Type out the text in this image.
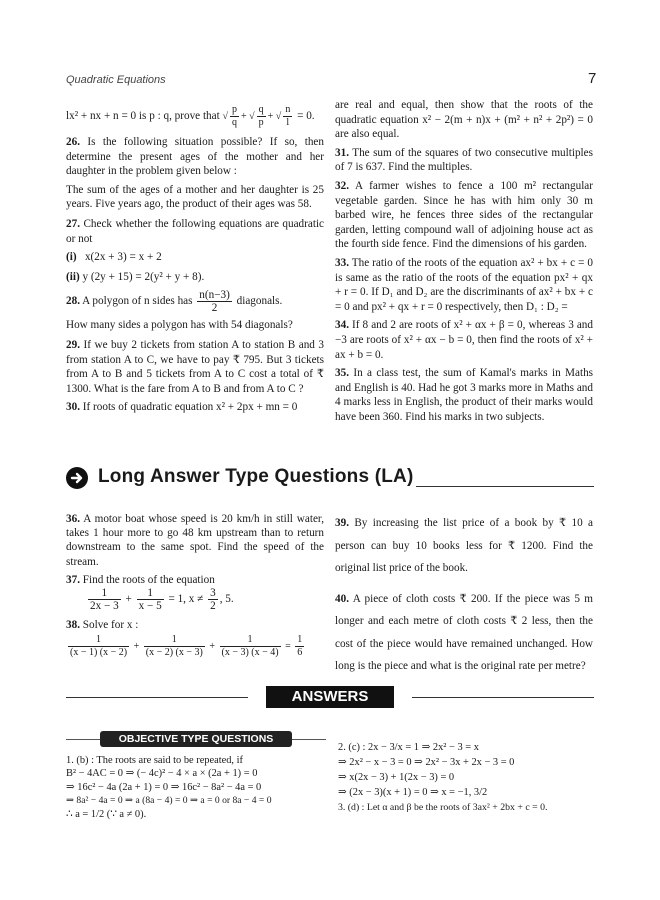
Quadratic Equations	7
lx² + nx + n = 0 is p : q, prove that √ $\frac{p}{q}$ + √ $\frac{q}{p}$ + √ $\frac{n}{l} = 0$.
26. Is the following situation possible? If so, then determine the present ages of the mother and her daughter in the problem given below :
The sum of the ages of a mother and her daughter is 25 years. Five years ago, the product of their ages was 58.
27. Check whether the following equations are quadratic or not
(i) x(2x + 3) = x + 2
(ii) y (2y + 15) = 2(y² + y + 8).
28. A polygon of n sides has $\frac{n(n-3)}{2}$ diagonals.
How many sides a polygon has with 54 diagonals?
29. If we buy 2 tickets from station A to station B and 3 from station A to C, we have to pay ₹ 795. But 3 tickets from A to B and 5 tickets from A to C cost a total of ₹ 1300. What is the fare from A to B and from A to C ?
30. If roots of quadratic equation x² + 2px + mn = 0
are real and equal, then show that the roots of the quadratic equation x² − 2(m + n)x + (m² + n² + 2p²) = 0 are also equal.
31. The sum of the squares of two consecutive multiples of 7 is 637. Find the multiples.
32. A farmer wishes to fence a 100 m² rectangular vegetable garden. Since he has with him only 30 m barbed wire, he fences three sides of the rectangular garden, letting compound wall of adjoining house act as the fourth side fence. Find the dimensions of his garden.
33. The ratio of the roots of the equation ax² + bx + c = 0 is same as the ratio of the roots of the equation px² + qx + r = 0. If D₁ and D₂ are the discriminants of ax² + bx + c = 0 and px² + qx + r = 0 respectively, then D₁ : D₂ =
34. If 8 and 2 are roots of x² + αx + β = 0, whereas 3 and −3 are roots of x² + αx − b = 0, then find the roots of x² + ax + b = 0.
35. In a class test, the sum of Kamal's marks in Maths and English is 40. Had he got 3 marks more in Maths and 4 marks less in English, the product of their marks would have been 360. Find his marks in two subjects.
Long Answer Type Questions (LA)
36. A motor boat whose speed is 20 km/h in still water, takes 1 hour more to go 48 km upstream than to return downstream to the same spot. Find the speed of the stream.
37. Find the roots of the equation
$\frac{1}{2x - 3} + \frac{1}{x - 5} = 1$, $x \ne \frac{3}{2}$ , 5.
38. Solve for x :
$\frac{1}{(x - 1) (x - 2)} + \frac{1}{(x - 2) (x - 3)} + \frac{1}{(x - 3) (x - 4)} = \frac{1}{6}$
39. By increasing the list price of a book by ₹ 10 a person can buy 10 books less for ₹ 1200. Find the original list price of the book.
40. A piece of cloth costs ₹ 200. If the piece was 5 m longer and each metre of cloth costs ₹ 2 less, then the cost of the piece would have remained unchanged. How long is the piece and what is the original rate per metre?
ANSWERS
OBJECTIVE TYPE QUESTIONS
1. (b) : The roots are said to be repeated, if
B² − 4AC = 0 ⇒ (− 4c)² − 4 × a × (2a + 1) = 0
⇒ 16c² − 4a (2a + 1) = 0 ⇒ 16c² − 8a² − 4a = 0
⇒ 8a² − 4a = 0 ⇒ a (8a − 4) = 0 ⇒ a = 0 or 8a − 4 = 0
∴ a = 1/2 (∵ a ≠ 0).
2. (c) : 2x − 3/x = 1 ⇒ 2x² − 3 = x
⇒ 2x² − x − 3 = 0 ⇒ 2x² − 3x + 2x − 3 = 0
⇒ x(2x − 3) + 1(2x − 3) = 0
⇒ (2x − 3)(x + 1) = 0 ⇒ x = −1, 3/2
3. (d) : Let α and β be the roots of 3ax² + 2bx + c = 0.
